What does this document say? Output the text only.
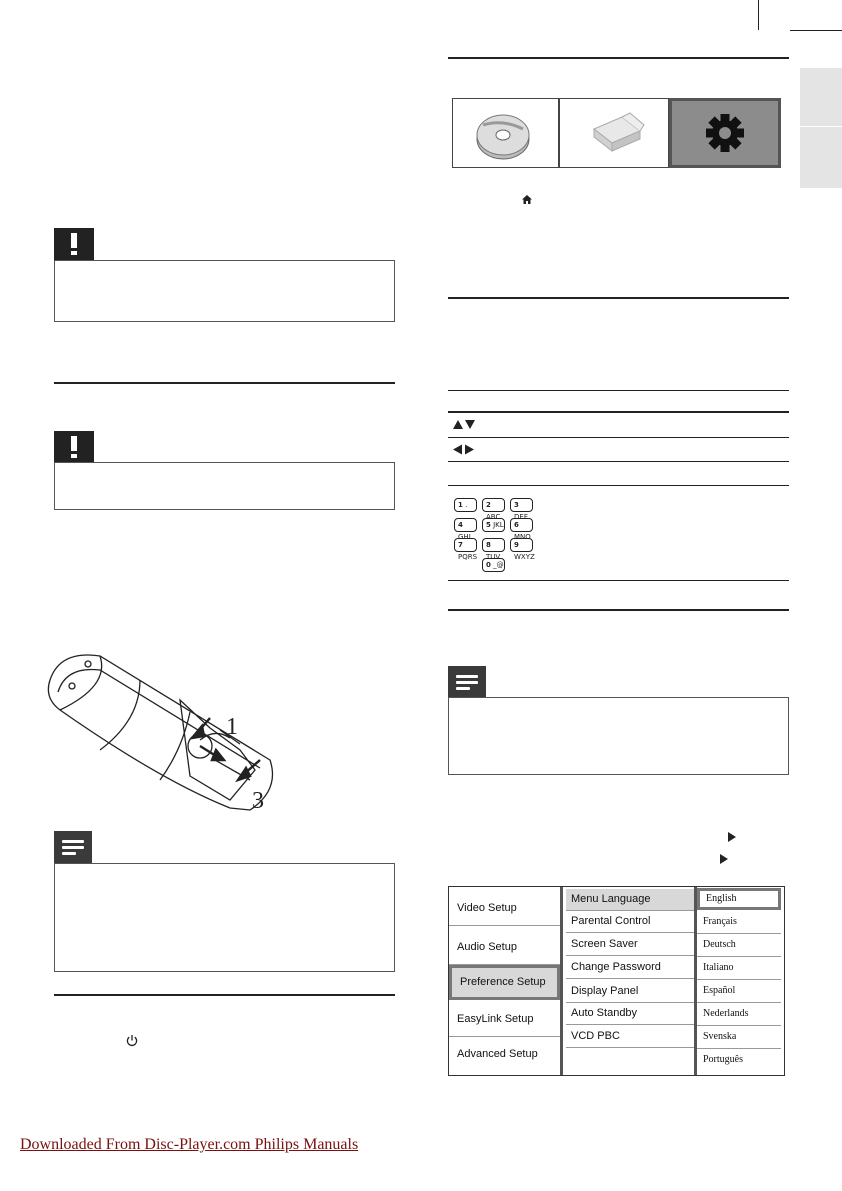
1
3
1 .	2 ABC
3 DEF
4 GHI
5 JKL	6 MNO
7 PQRS
8 TUV
9 WXYZ
0 _@
Video Setup
Audio Setup
Preference Setup
EasyLink Setup
Advanced Setup
Menu Language
Parental Control
Screen Saver
Change Password
Display Panel
Auto Standby
VCD PBC
English
Français
Deutsch
Italiano
Español
Nederlands
Svenska
Português
Downloaded From Disc-Player.com Philips Manuals
